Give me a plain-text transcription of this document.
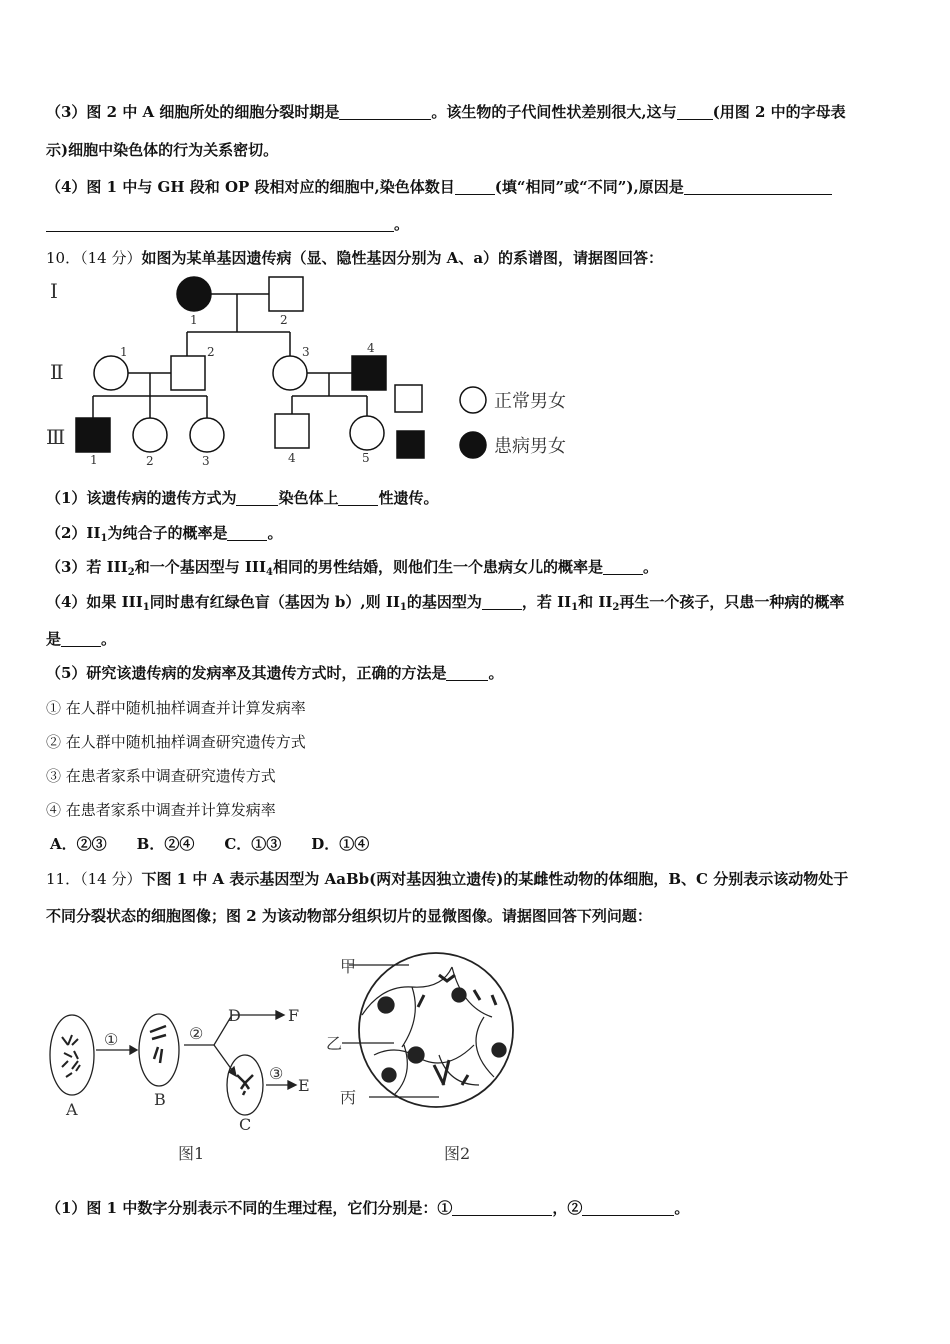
（3）图 2 中 A 细胞所处的细胞分裂时期是	。该生物的子代间性状差别很大,这与 (用图 2 中的字母表
示)细胞中染色体的行为关系密切。
（4）图 1 中与 GH 段和 OP 段相对应的细胞中,染色体数目	(填“相同”或“不同”),原因是
。
10．（14 分）如图为某单基因遗传病（显、隐性基因分别为 A、a）的系谱图，请据图回答：
Ⅰ
Ⅱ
Ⅲ
1	2
1	2	3	4
1	2	3	4	5
正常男女
患病男女
（1）该遗传病的遗传方式为	染色体上	性遗传。
$(2)II_1$为纯合子的概率是	。
（3）若 $III_2$和一个基因型与 $III_4$相同的男性结婚，则他们生一个患病女儿的概率是	。
（4）如果 $III_1$同时患有红绿色盲（基因为 b）,则 $II_1$的基因型为	，若 $II_1$和 $II_2$再生一个孩子，只患一种病的概率
是	。
（5）研究该遗传病的发病率及其遗传方式时，正确的方法是	。
① 在人群中随机抽样调查并计算发病率
② 在人群中随机抽样调查研究遗传方式
③ 在患者家系中调查研究遗传方式
④ 在患者家系中调查并计算发病率
A．②③　　B．②④　　C．①③　　D．①④
11．（14 分）下图 1 中 A 表示基因型为 AaBb(两对基因独立遗传)的某雌性动物的体细胞，B、C 分别表示该动物处于
不同分裂状态的细胞图像；图 2 为该动物部分组织切片的显微图像。请据图回答下列问题：
A
B
C
D
E
F
①	②
③
甲
乙
丙
图1	图2
（1）图 1 中数字分别表示不同的生理过程，它们分别是：①	，②	。
